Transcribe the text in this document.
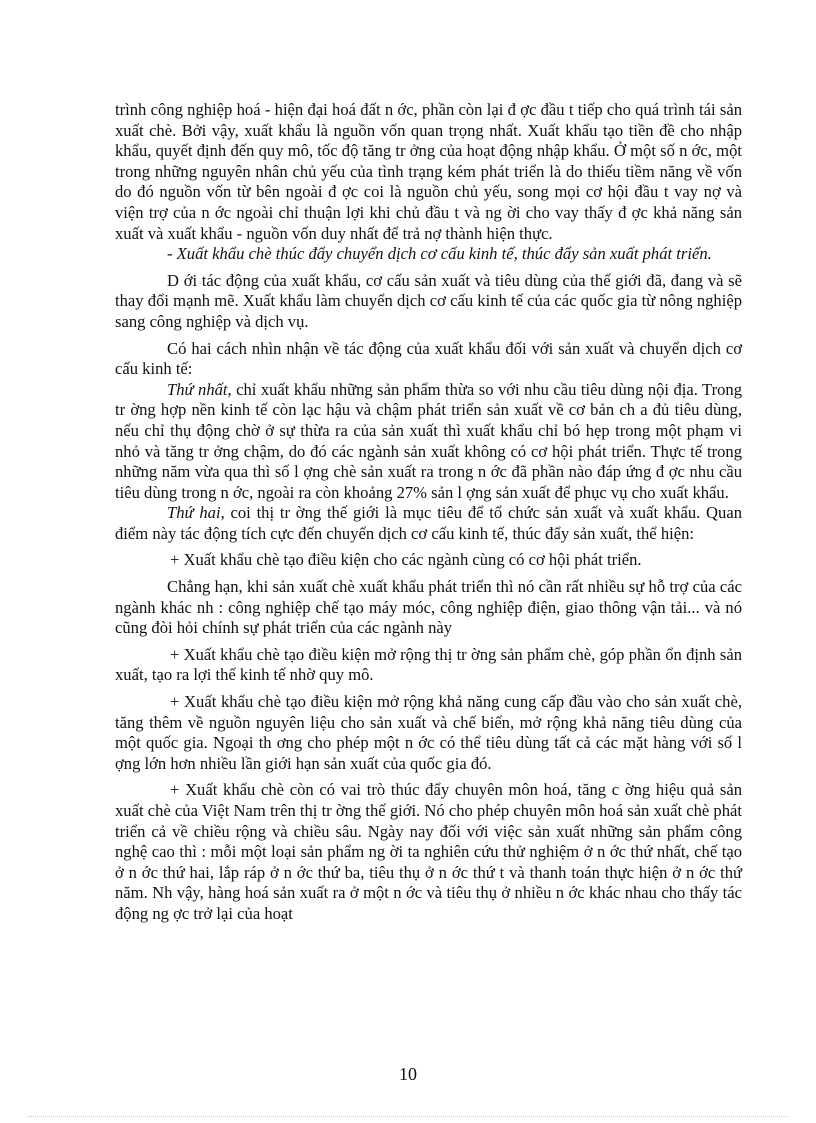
trình công nghiệp hoá - hiện đại hoá đất n ớc, phần còn lại đ ợc đầu t tiếp cho quá trình tái sản xuất chè. Bởi vậy, xuất khẩu là nguồn vốn quan trọng nhất. Xuất khẩu tạo tiền đề cho nhập khẩu, quyết định đến quy mô, tốc độ tăng tr ởng của hoạt động nhập khẩu. Ở một số n ớc, một trong những nguyên nhân chủ yếu của tình trạng kém phát triển là do thiếu tiềm năng về vốn do đó nguồn vốn từ bên ngoài đ ợc coi là nguồn chủ yếu, song mọi cơ hội đầu t vay nợ và viện trợ của n ớc ngoài chỉ thuận lợi khi chủ đầu t và ng ời cho vay thấy đ ợc khả năng sản xuất và xuất khẩu - nguồn vốn duy nhất để trả nợ thành hiện thực.

- Xuất khẩu chè thúc đẩy chuyển dịch cơ cấu kinh tế, thúc đẩy sản xuất phát triển.

D ới tác động của xuất khẩu, cơ cấu sản xuất và tiêu dùng của thế giới đã, đang và sẽ thay đổi mạnh mẽ. Xuất khẩu làm chuyển dịch cơ cấu kinh tế của các quốc gia từ nông nghiệp sang công nghiệp và dịch vụ.

Có hai cách nhìn nhận về tác động của xuất khẩu đối với sản xuất và chuyển dịch cơ cấu kinh tế:

Thứ nhất, chỉ xuất khẩu những sản phẩm thừa so với nhu cầu tiêu dùng nội địa. Trong tr ờng hợp nền kinh tế còn lạc hậu và chậm phát triển sản xuất về cơ bản ch a đủ tiêu dùng, nếu chỉ thụ động chờ ở sự thừa ra của sản xuất thì xuất khẩu chỉ bó hẹp trong một phạm vi nhỏ và tăng tr ởng chậm, do đó các ngành sản xuất không có cơ hội phát triển. Thực tế trong những năm vừa qua thì số l ợng chè sản xuất ra trong n ớc đã phần nào đáp ứng đ ợc nhu cầu tiêu dùng trong n ớc, ngoài ra còn khoảng 27% sản l ợng sản xuất để phục vụ cho xuất khẩu.

Thứ hai, coi thị tr ờng thế giới là mục tiêu để tổ chức sản xuất và xuất khẩu. Quan điểm này tác động tích cực đến chuyển dịch cơ cấu kinh tế, thúc đẩy sản xuất, thể hiện:

+ Xuất khẩu chè tạo điều kiện cho các ngành cùng có cơ hội phát triển.

Chẳng hạn, khi sản xuất chè xuất khẩu phát triển thì nó cần rất nhiều sự hỗ trợ của các ngành khác nh : công nghiệp chế tạo máy móc, công nghiệp điện, giao thông vận tải... và nó cũng đòi hỏi chính sự phát triển của các ngành này

+ Xuất khẩu chè tạo điều kiện mở rộng thị tr ờng sản phẩm chè, góp phần ổn định sản xuất, tạo ra lợi thế kinh tế nhờ quy mô.

+ Xuất khẩu chè tạo điều kiện mở rộng khả năng cung cấp đầu vào cho sản xuất chè, tăng thêm về nguồn nguyên liệu cho sản xuất và chế biến, mở rộng khả năng tiêu dùng của một quốc gia. Ngoại th ơng cho phép một n ớc có thể tiêu dùng tất cả các mặt hàng với số l ợng lớn hơn nhiều lần giới hạn sản xuất của quốc gia đó.

+ Xuất khẩu chè còn có vai trò thúc đẩy chuyên môn hoá, tăng c ờng hiệu quả sản xuất chè của Việt Nam trên thị tr ờng thế giới. Nó cho phép chuyên môn hoá sản xuất chè phát triển cả về chiều rộng và chiều sâu. Ngày nay đối với việc sản xuất những sản phẩm công nghệ cao thì : mỗi một loại sản phẩm ng ời ta nghiên cứu thử nghiệm ở n ớc thứ nhất, chế tạo ở n ớc thứ hai, lắp ráp ở n ớc thứ ba, tiêu thụ ở n ớc thứ t và thanh toán thực hiện ở n ớc thứ năm. Nh vậy, hàng hoá sản xuất ra ở một n ớc và tiêu thụ ở nhiều n ớc khác nhau cho thấy tác động ng ợc trở lại của hoạt

10
